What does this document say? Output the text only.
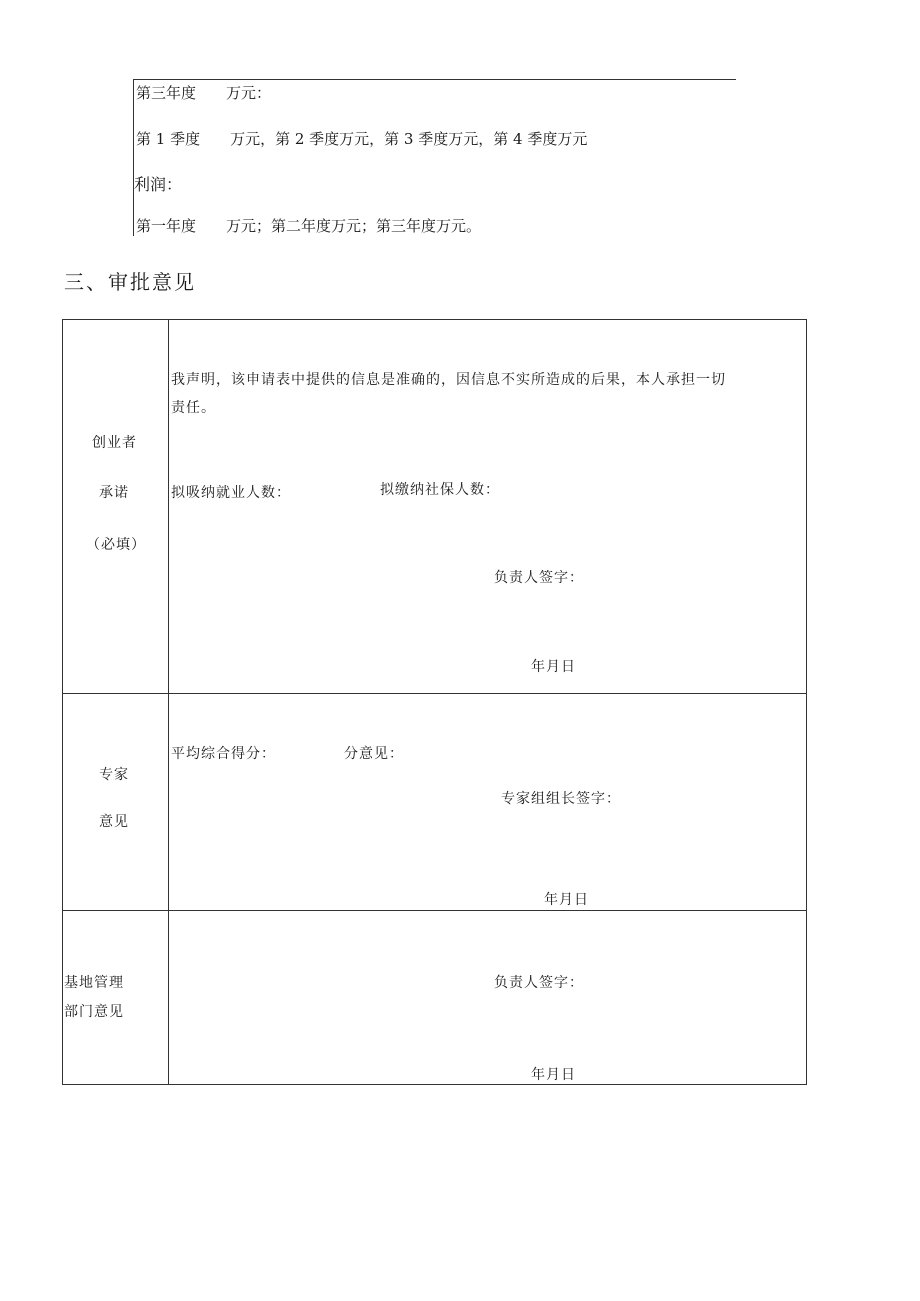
第三年度　　万元：
第 1 季度　　万元，第 2 季度万元，第 3 季度万元，第 4 季度万元
利润：
第一年度　　万元；第二年度万元；第三年度万元。
三、审批意见
创业者
承诺
（必填）
我声明，该申请表中提供的信息是准确的，因信息不实所造成的后果，本人承担一切
责任。
拟吸纳就业人数：	拟缴纳社保人数：
负责人签字：
年月日
专家
意见
平均综合得分：	分意见：
专家组组长签字：
年月日
基地管理
部门意见
负责人签字：
年月日
